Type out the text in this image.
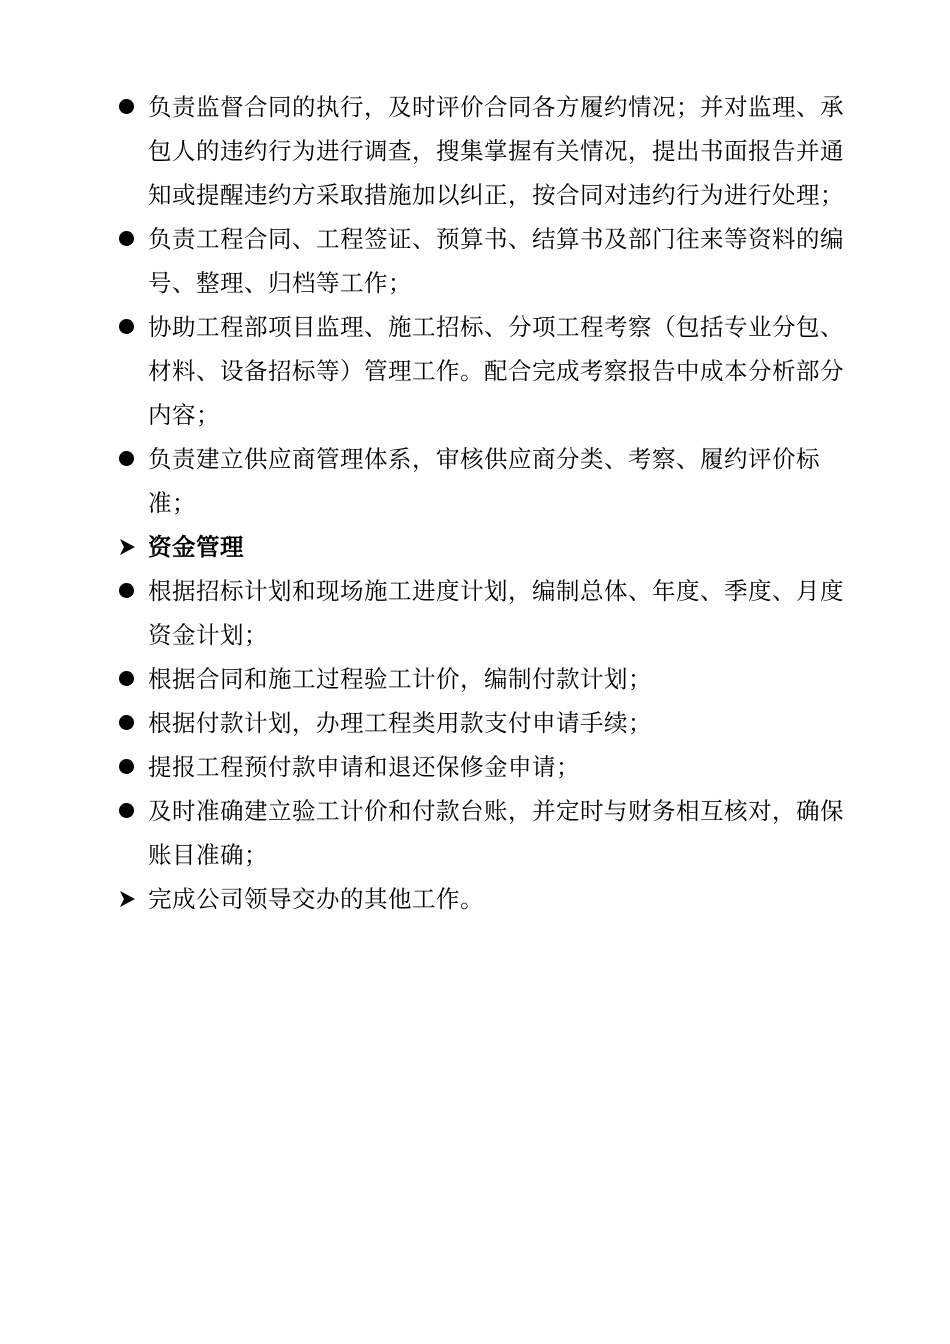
负责监督合同的执行，及时评价合同各方履约情况；并对监理、承包人的违约行为进行调查，搜集掌握有关情况，提出书面报告并通知或提醒违约方采取措施加以纠正，按合同对违约行为进行处理；
负责工程合同、工程签证、预算书、结算书及部门往来等资料的编号、整理、归档等工作；
协助工程部项目监理、施工招标、分项工程考察（包括专业分包、材料、设备招标等）管理工作。配合完成考察报告中成本分析部分内容；
负责建立供应商管理体系，审核供应商分类、考察、履约评价标准；
资金管理
根据招标计划和现场施工进度计划，编制总体、年度、季度、月度资金计划；
根据合同和施工过程验工计价，编制付款计划；
根据付款计划，办理工程类用款支付申请手续；
提报工程预付款申请和退还保修金申请；
及时准确建立验工计价和付款台账，并定时与财务相互核对，确保账目准确；
完成公司领导交办的其他工作。
